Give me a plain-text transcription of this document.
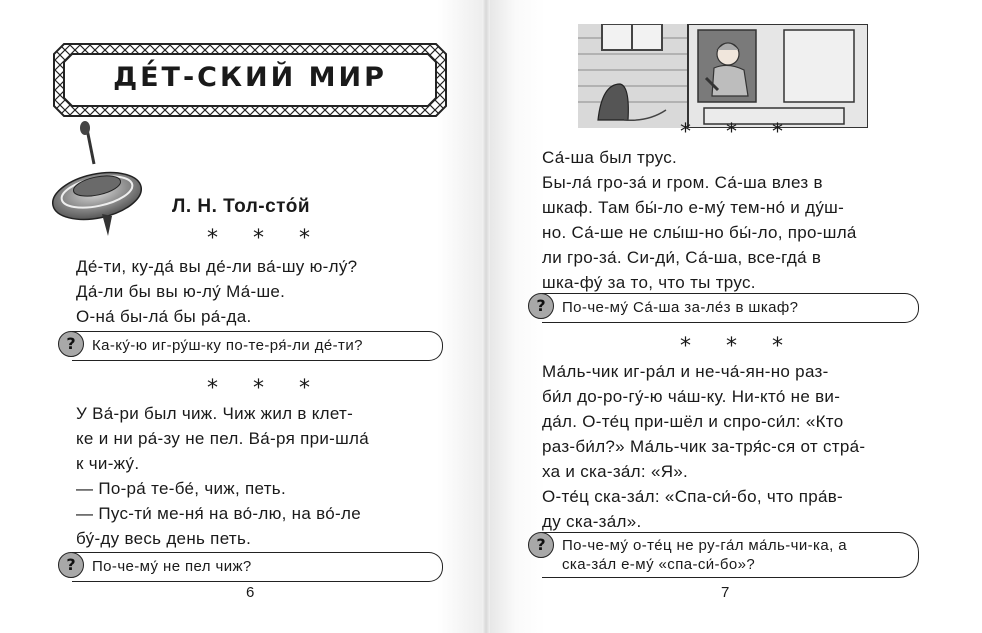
ДЕ́Т-СКИЙ МИР
Л. Н. Тол-сто́й
* * *
Де́-ти, ку-да́ вы де́-ли ва́-шу ю-лу́?
Да́-ли бы вы ю-лу́ Ма́-ше.
О-на́ бы-ла́ бы ра́-да.
?	Ка-ку́-ю иг-ру́ш-ку по-те-ря́-ли де́-ти?
* * *
У Ва́-ри был чиж. Чиж жил в клет-
ке и ни ра́-зу не пел. Ва́-ря при-шла́
к чи-жу́.
— По-ра́ те-бе́, чиж, петь.
— Пус-ти́ ме-ня́ на во́-лю, на во́-ле
бу́-ду весь день петь.
?	По-че-му́ не пел чиж?
6
* * *
Са́-ша был трус.
Бы-ла́ гро-за́ и гром. Са́-ша влез в
шкаф. Там бы́-ло е-му́ тем-но́ и ду́ш-
но. Са́-ше не слы́ш-но бы́-ло, про-шла́
ли гро-за́. Си-ди́, Са́-ша, все-гда́ в
шка-фу́ за то, что ты трус.
?	По-че-му́ Са́-ша за-ле́з в шкаф?
* * *
Ма́ль-чик иг-ра́л и не-ча́-ян-но раз-
би́л до-ро-гу́-ю ча́ш-ку. Ни-кто́ не ви-
да́л. О-те́ц при-шёл и спро-си́л: «Кто
раз-би́л?» Ма́ль-чик за-тря́с-ся от стра́-
ха и ска-за́л: «Я».
О-те́ц ска-за́л: «Спа-си́-бо, что пра́в-
ду ска-за́л».
?	По-че-му́ о-те́ц не ру-га́л ма́ль-чи-ка, а
ска-за́л е-му́ «спа-си́-бо»?
7
